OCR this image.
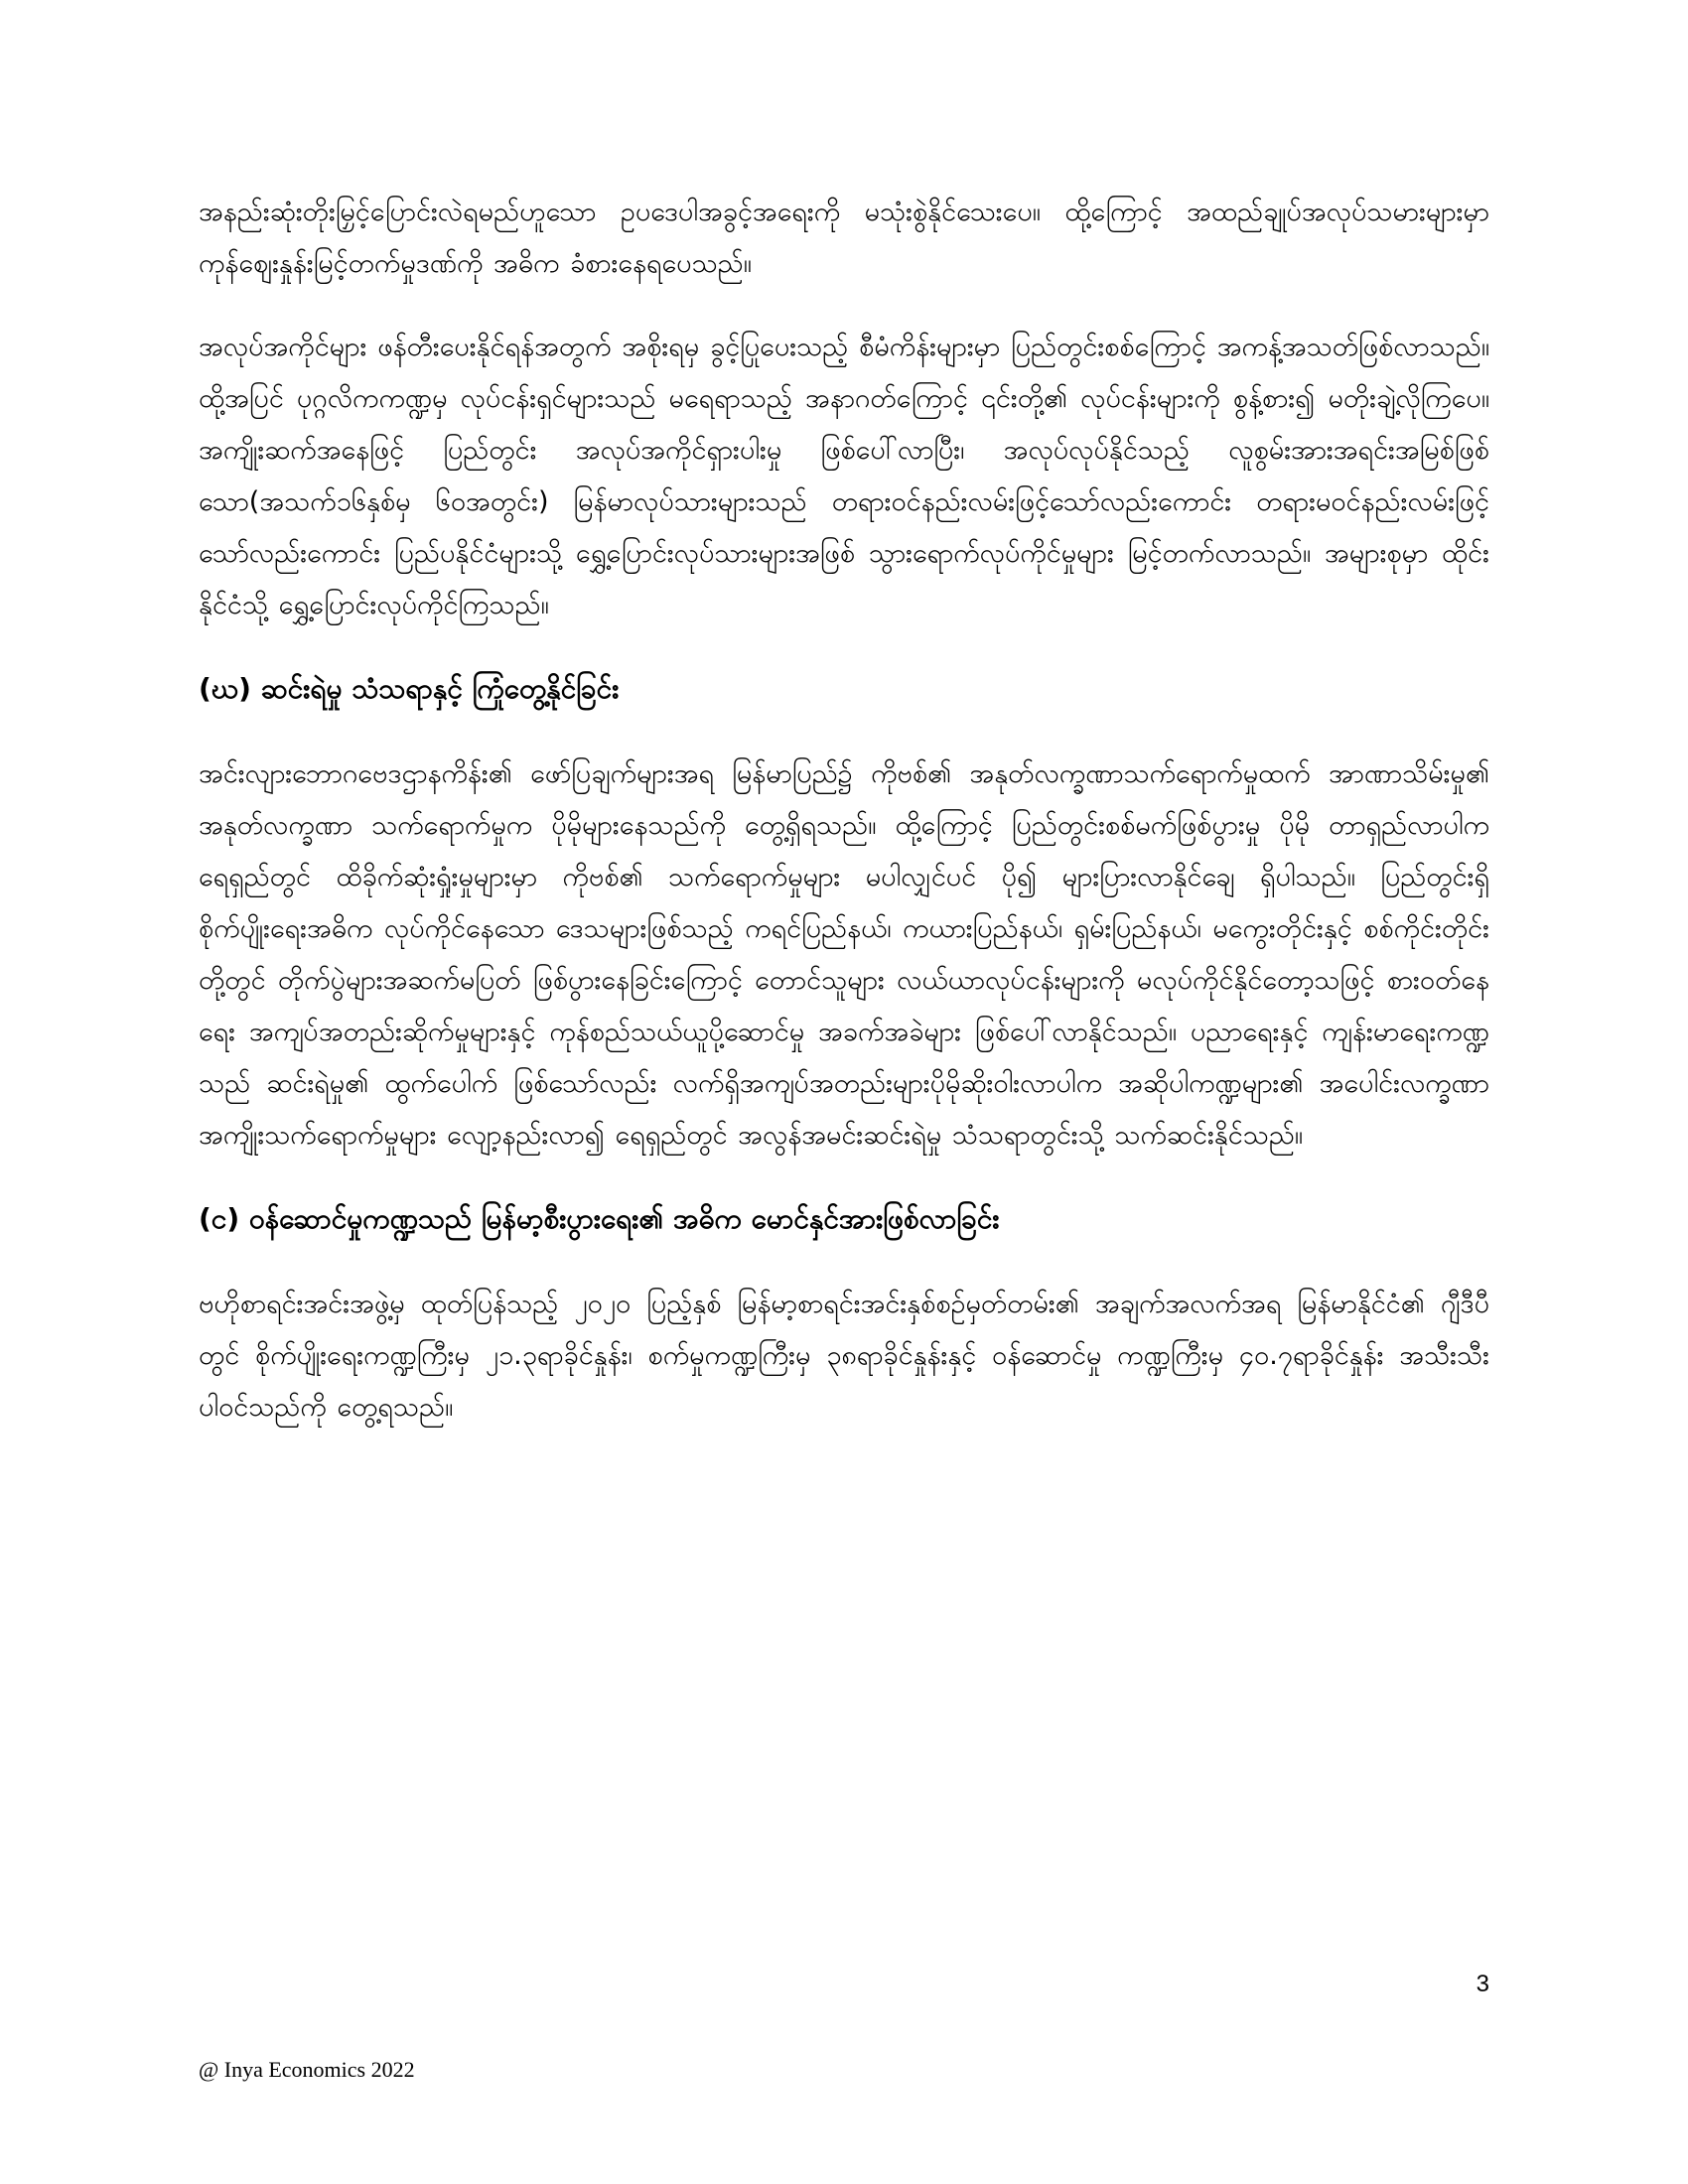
အနည်းဆုံးတိုးမြှင့်ပြောင်းလဲရမည်ဟူသော ဥပဒေပါအခွင့်အရေးကို မသုံးစွဲနိုင်သေးပေ။ ထို့ကြောင့် အထည်ချုပ်အလုပ်သမားများမှာ ကုန်ဈေးနှုန်းမြင့်တက်မှုဒဏ်ကို အဓိက ခံစားနေရပေသည်။

အလုပ်အကိုင်များ ဖန်တီးပေးနိုင်ရန်အတွက် အစိုးရမှ ခွင့်ပြုပေးသည့် စီမံကိန်းများမှာ ပြည်တွင်းစစ်ကြောင့် အကန့်အသတ်ဖြစ်လာသည်။ ထို့အပြင် ပုဂ္ဂလိကကဏ္ဍမှ လုပ်ငန်းရှင်များသည် မရေရာသည့် အနာဂတ်ကြောင့် ၎င်းတို့၏ လုပ်ငန်းများကို စွန့်စား၍ မတိုးချဲ့လိုကြပေ။ အကျိုးဆက်အနေဖြင့် ပြည်တွင်း အလုပ်အကိုင်ရှားပါးမှု ဖြစ်ပေါ်လာပြီး၊ အလုပ်လုပ်နိုင်သည့် လူစွမ်းအားအရင်းအမြစ်ဖြစ်သော(အသက်၁၆နှစ်မှ ၆၀အတွင်း) မြန်မာလုပ်သားများသည် တရားဝင်နည်းလမ်းဖြင့်သော်လည်းကောင်း တရားမဝင်နည်းလမ်းဖြင့်သော်လည်းကောင်း ပြည်ပနိုင်ငံများသို့ ရွှေ့ပြောင်းလုပ်သားများအဖြစ် သွားရောက်လုပ်ကိုင်မှုများ မြင့်တက်လာသည်။ အများစုမှာ ထိုင်းနိုင်ငံသို့ ရွှေ့ပြောင်းလုပ်ကိုင်ကြသည်။

(ဃ) ဆင်းရဲမှု သံသရာနှင့် ကြုံတွေ့နိုင်ခြင်း

အင်းလျားဘောဂဗေဒဌာနကိန်း၏ ဖော်ပြချက်များအရ မြန်မာပြည်၌ ကိုဗစ်၏ အနုတ်လက္ခဏာသက်ရောက်မှုထက် အာဏာသိမ်းမှု၏ အနုတ်လက္ခဏာ သက်ရောက်မှုက ပိုမိုများနေသည်ကို တွေ့ရှိရသည်။ ထို့ကြောင့် ပြည်တွင်းစစ်မက်ဖြစ်ပွားမှု ပိုမို တာရှည်လာပါက ရေရှည်တွင် ထိခိုက်ဆုံးရှုံးမှုများမှာ ကိုဗစ်၏ သက်ရောက်မှုများ မပါလျှင်ပင် ပို၍ များပြားလာနိုင်ချေ ရှိပါသည်။ ပြည်တွင်းရှိ စိုက်ပျိုးရေးအဓိက လုပ်ကိုင်နေသော ဒေသများဖြစ်သည့် ကရင်ပြည်နယ်၊ ကယားပြည်နယ်၊ ရှမ်းပြည်နယ်၊ မကွေးတိုင်းနှင့် စစ်ကိုင်းတိုင်းတို့တွင် တိုက်ပွဲများအဆက်မပြတ် ဖြစ်ပွားနေခြင်းကြောင့် တောင်သူများ လယ်ယာလုပ်ငန်းများကို မလုပ်ကိုင်နိုင်တော့သဖြင့် စားဝတ်နေရေး အကျပ်အတည်းဆိုက်မှုများနှင့် ကုန်စည်သယ်ယူပို့ဆောင်မှု အခက်အခဲများ ဖြစ်ပေါ်လာနိုင်သည်။ ပညာရေးနှင့် ကျန်းမာရေးကဏ္ဍသည် ဆင်းရဲမှု၏ ထွက်ပေါက် ဖြစ်သော်လည်း လက်ရှိအကျပ်အတည်းများပိုမိုဆိုးဝါးလာပါက အဆိုပါကဏ္ဍများ၏ အပေါင်းလက္ခဏာ အကျိုးသက်ရောက်မှုများ လျော့နည်းလာ၍ ရေရှည်တွင် အလွန်အမင်းဆင်းရဲမှု သံသရာတွင်းသို့ သက်ဆင်းနိုင်သည်။

(င) ဝန်ဆောင်မှုကဏ္ဍသည် မြန်မာ့စီးပွားရေး၏ အဓိက မောင်နှင်အားဖြစ်လာခြင်း

ဗဟိုစာရင်းအင်းအဖွဲ့မှ ထုတ်ပြန်သည့် ၂၀၂၀ ပြည့်နှစ် မြန်မာ့စာရင်းအင်းနှစ်စဉ်မှတ်တမ်း၏ အချက်အလက်အရ မြန်မာနိုင်ငံ၏ ဂျီဒီပီတွင် စိုက်ပျိုးရေးကဏ္ဍကြီးမှ ၂၁.၃ရာခိုင်နှုန်း၊ စက်မှုကဏ္ဍကြီးမှ ၃၈ရာခိုင်နှုန်းနှင့် ဝန်ဆောင်မှု ကဏ္ဍကြီးမှ ၄၀.၇ရာခိုင်နှုန်း အသီးသီးပါဝင်သည်ကို တွေ့ရသည်။

3
@ Inya Economics 2022
